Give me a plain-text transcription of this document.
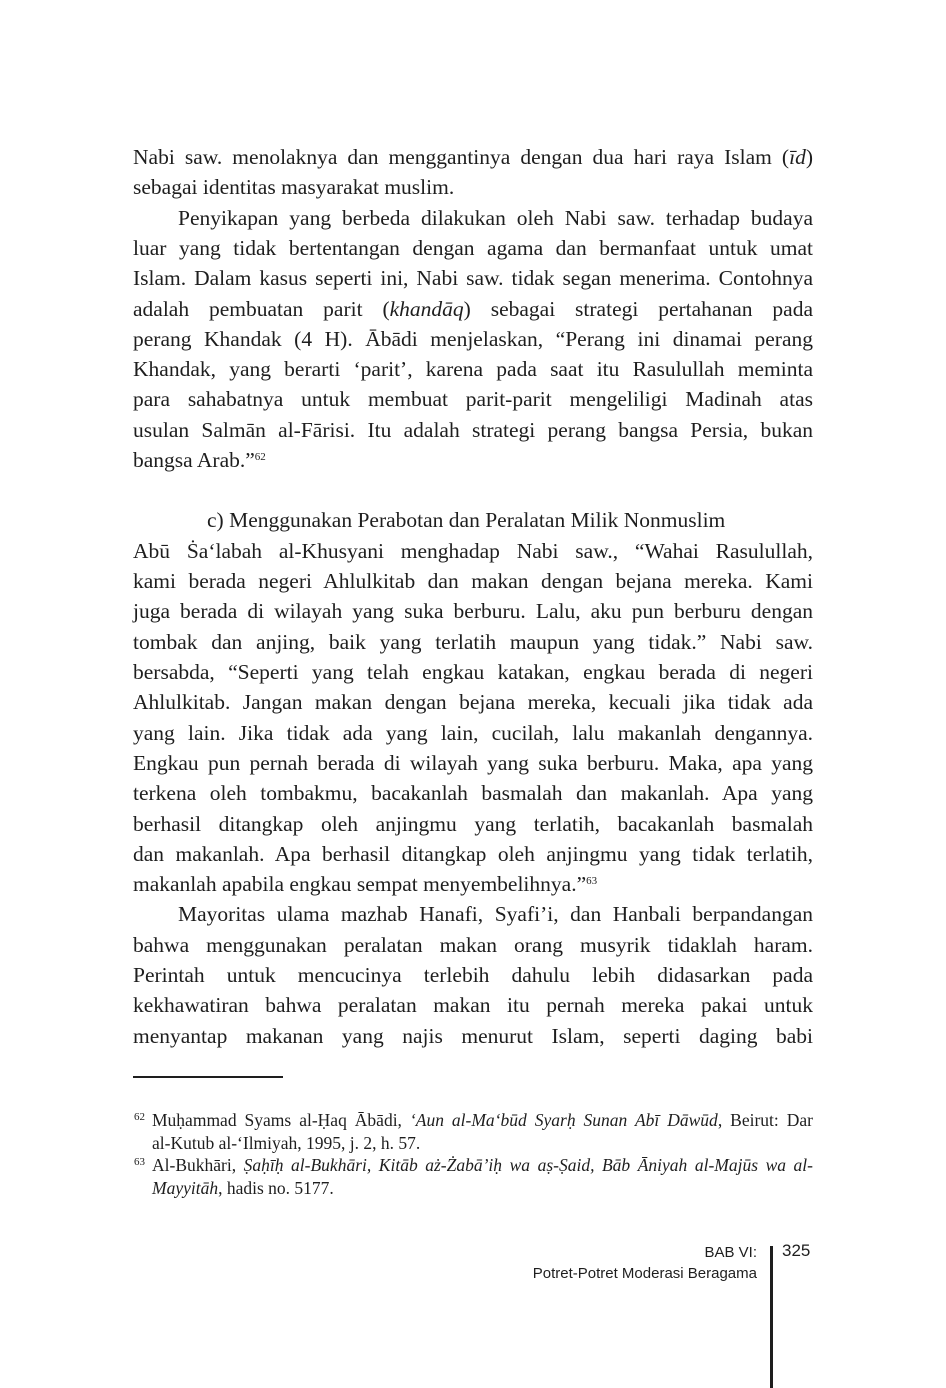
Nabi saw. menolaknya dan menggantinya dengan dua hari raya Islam (īd)
sebagai identitas masyarakat muslim.
Penyikapan yang berbeda dilakukan oleh Nabi saw. terhadap budaya
luar yang tidak bertentangan dengan agama dan bermanfaat untuk umat
Islam. Dalam kasus seperti ini, Nabi saw. tidak segan menerima. Contohnya
adalah pembuatan parit (khandāq) sebagai strategi pertahanan pada
perang Khandak (4 H). Ābādi menjelaskan, “Perang ini dinamai perang
Khandak, yang berarti ‘parit’, karena pada saat itu Rasulullah meminta
para sahabatnya untuk membuat parit-parit mengeliligi Madinah atas
usulan Salmān al-Fārisi. Itu adalah strategi perang bangsa Persia, bukan
bangsa Arab.”$^{62}$
c) Menggunakan Perabotan dan Peralatan Milik Nonmuslim
Abū Ṡa‘labah al-Khusyani menghadap Nabi saw., “Wahai Rasulullah,
kami berada negeri Ahlulkitab dan makan dengan bejana mereka. Kami
juga berada di wilayah yang suka berburu. Lalu, aku pun berburu dengan
tombak dan anjing, baik yang terlatih maupun yang tidak.” Nabi saw.
bersabda, “Seperti yang telah engkau katakan, engkau berada di negeri
Ahlulkitab. Jangan makan dengan bejana mereka, kecuali jika tidak ada
yang lain. Jika tidak ada yang lain, cucilah, lalu makanlah dengannya.
Engkau pun pernah berada di wilayah yang suka berburu. Maka, apa yang
terkena oleh tombakmu, bacakanlah basmalah dan makanlah. Apa yang
berhasil ditangkap oleh anjingmu yang terlatih, bacakanlah basmalah
dan makanlah. Apa berhasil ditangkap oleh anjingmu yang tidak terlatih,
makanlah apabila engkau sempat menyembelihnya.”$^{63}$
Mayoritas ulama mazhab Hanafi, Syafi’i, dan Hanbali berpandangan
bahwa menggunakan peralatan makan orang musyrik tidaklah haram.
Perintah untuk mencucinya terlebih dahulu lebih didasarkan pada
kekhawatiran bahwa peralatan makan itu pernah mereka pakai untuk
menyantap makanan yang najis menurut Islam, seperti daging babi
62 Muḥammad Syams al-Ḥaq Ābādi, ‘Aun al-Ma‘būd Syarḥ Sunan Abī Dāwūd, Beirut: Dar
al-Kutub al-‘Ilmiyah, 1995, j. 2, h. 57.
63 Al-Bukhāri, Ṣaḥīḥ al-Bukhāri, Kitāb aż-Żabā’iḥ wa aṣ-Ṣaid, Bāb Āniyah al-Majūs wa al-
Mayyitāh, hadis no. 5177.
BAB VI:
Potret-Potret Moderasi Beragama
325
